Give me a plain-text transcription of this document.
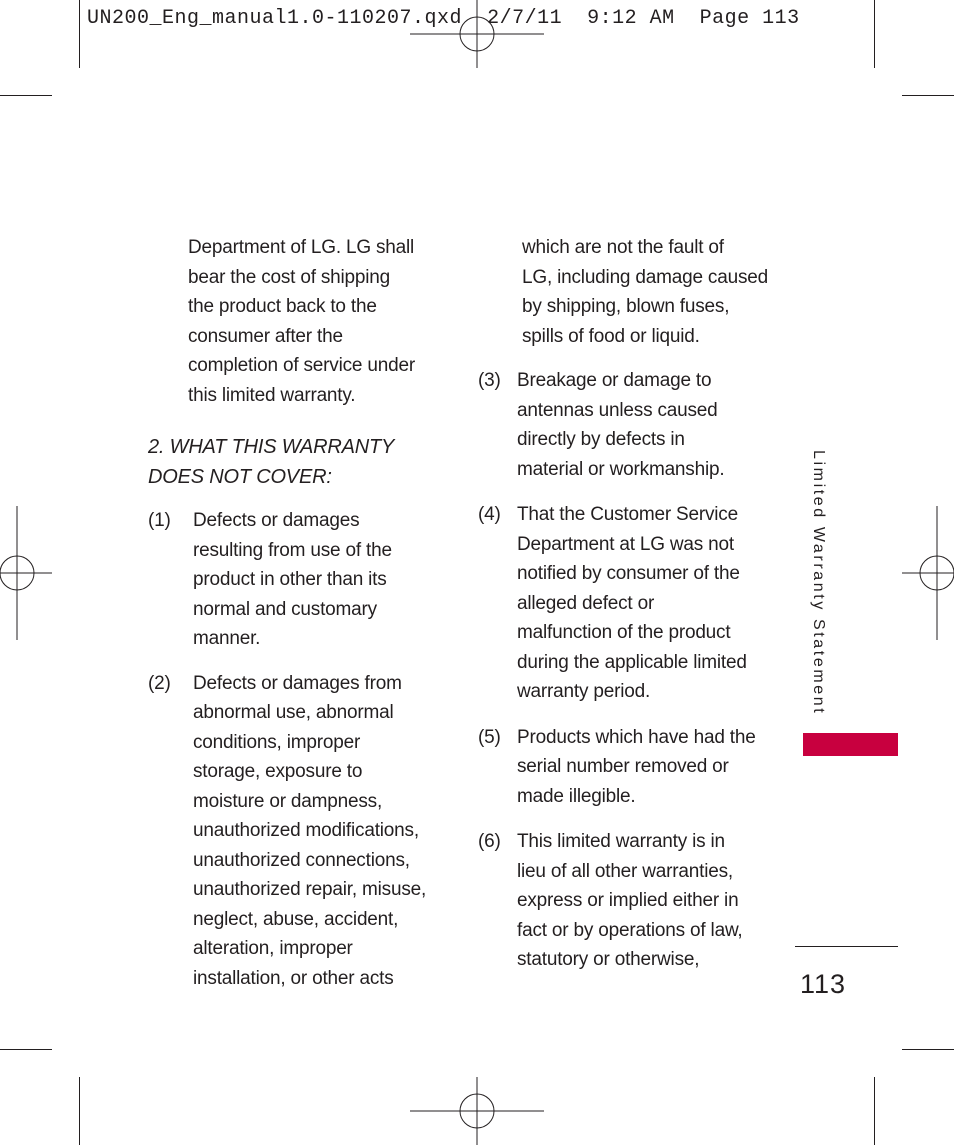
UN200_Eng_manual1.0-110207.qxd  2/7/11  9:12 AM  Page 113
Department of LG. LG shall
bear the cost of shipping
the product back to the
consumer after the
completion of service under
this limited warranty.
2. WHAT THIS WARRANTY
DOES NOT COVER:
(1) Defects or damages
resulting from use of the
product in other than its
normal and customary
manner.
(2) Defects or damages from
abnormal use, abnormal
conditions, improper
storage, exposure to
moisture or dampness,
unauthorized modifications,
unauthorized connections,
unauthorized repair, misuse,
neglect, abuse, accident,
alteration, improper
installation, or other acts
which are not the fault of
LG, including damage caused
by shipping, blown fuses,
spills of food or liquid.
(3) Breakage or damage to
antennas unless caused
directly by defects in
material or workmanship.
(4) That the Customer Service
Department at LG was not
notified by consumer of the
alleged defect or
malfunction of the product
during the applicable limited
warranty period.
(5) Products which have had the
serial number removed or
made illegible.
(6) This limited warranty is in
lieu of all other warranties,
express or implied either in
fact or by operations of law,
statutory or otherwise,
Limited Warranty Statement
113
